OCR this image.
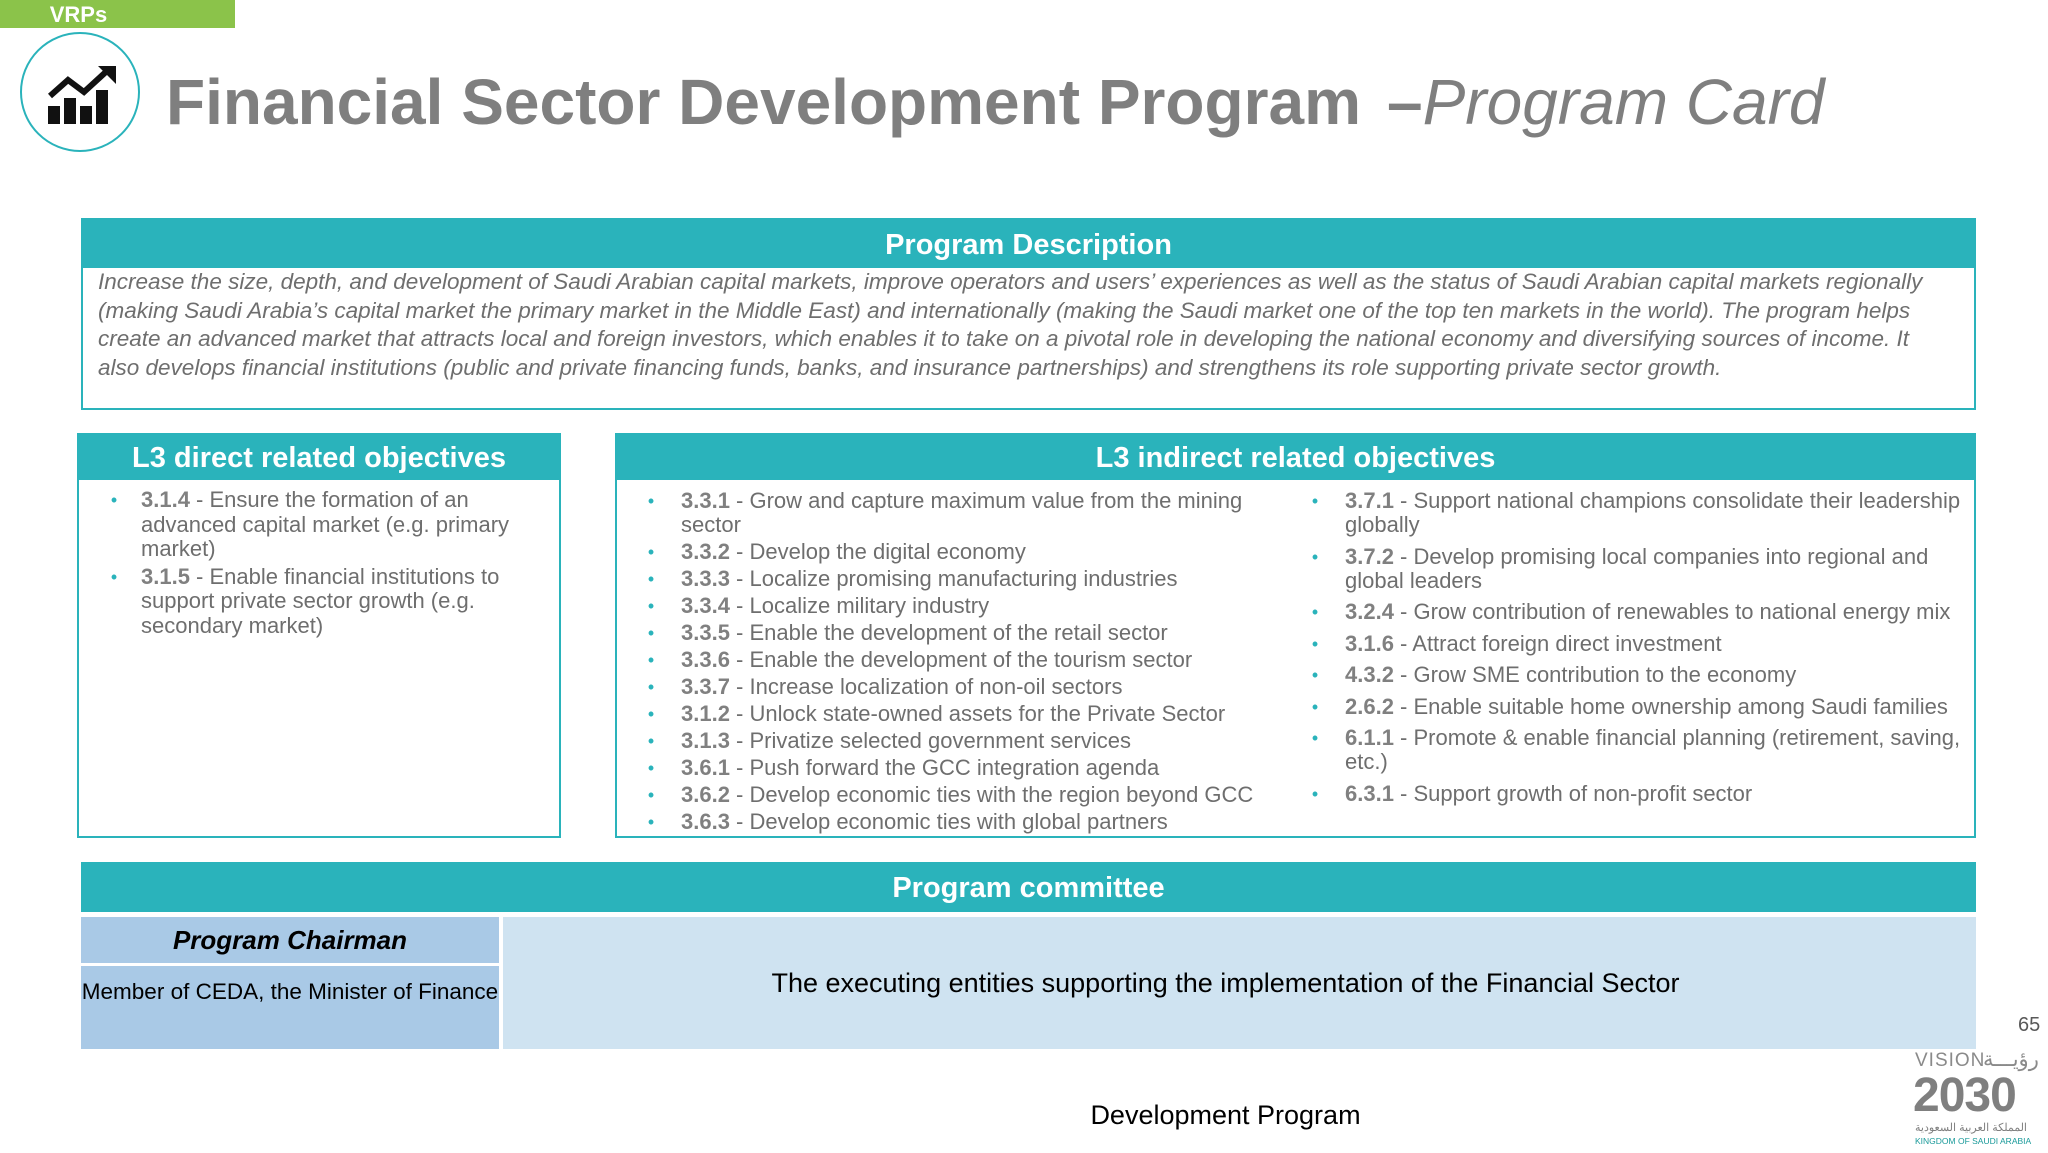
VRPs
Financial Sector Development Program –Program Card
Program Description
Increase the size, depth, and development of Saudi Arabian capital markets, improve operators and users’ experiences as well as the status of Saudi Arabian capital markets regionally (making Saudi Arabia’s capital market the primary market in the Middle East) and internationally (making the Saudi market one of the top ten markets in the world). The program helps create an advanced market that attracts local and foreign investors, which enables it to take on a pivotal role in developing the national economy and diversifying sources of income. It also develops financial institutions (public and private financing funds, banks, and insurance partnerships) and strengthens its role supporting private sector growth.
L3 direct related objectives
•	3.1.4 - Ensure the formation of an advanced capital market (e.g. primary market)
•	3.1.5 - Enable financial institutions to support private sector growth (e.g. secondary market)
L3 indirect related objectives
• 3.3.1 - Grow and capture maximum value from the mining sector
• 3.3.2 - Develop the digital economy
• 3.3.3 - Localize promising manufacturing industries
• 3.3.4 - Localize military industry
• 3.3.5 - Enable the development of the retail sector
• 3.3.6 - Enable the development of the tourism sector
• 3.3.7 - Increase localization of non-oil sectors
• 3.1.2 - Unlock state-owned assets for the Private Sector
• 3.1.3 - Privatize selected government services
• 3.6.1 - Push forward the GCC integration agenda
• 3.6.2 - Develop economic ties with the region beyond GCC
• 3.6.3 - Develop economic ties with global partners
• 3.7.1 - Support national champions consolidate their leadership globally
• 3.7.2 - Develop promising local companies into regional and global leaders
• 3.2.4 - Grow contribution of renewables to national energy mix
• 3.1.6 - Attract foreign direct investment
• 4.3.2 - Grow SME contribution to the economy
• 2.6.2 - Enable suitable home ownership among Saudi families
• 6.1.1 - Promote & enable financial planning (retirement, saving, etc.)
• 6.3.1 - Support growth of non-profit sector
Program committee
Program Chairman
Member of CEDA, the Minister of Finance	The executing entities supporting the implementation of the Financial Sector Development Program
65
VISION
رؤيـــة
2030
المملكة العربية السعودية
KINGDOM OF SAUDI ARABIA
